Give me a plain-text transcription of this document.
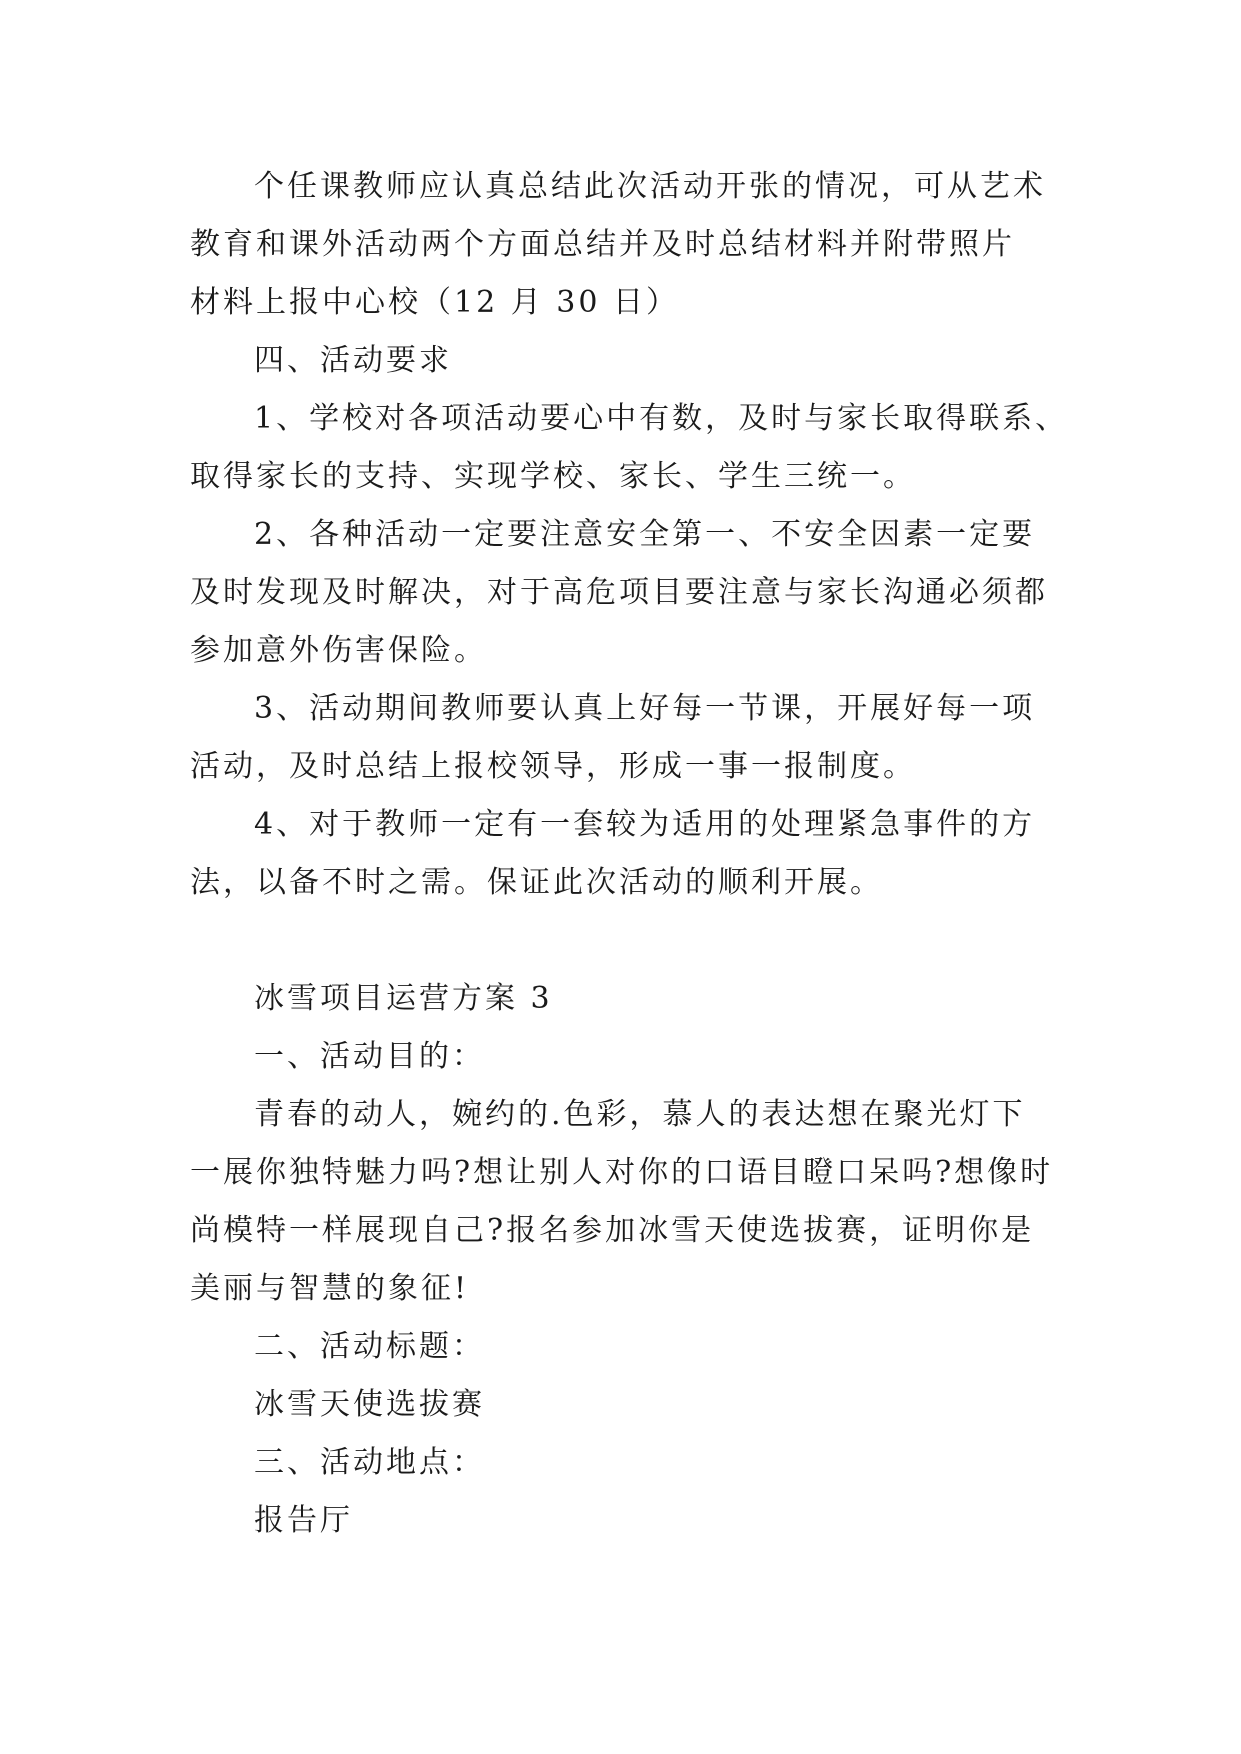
个任课教师应认真总结此次活动开张的情况，可从艺术

教育和课外活动两个方面总结并及时总结材料并附带照片

材料上报中心校（12 月 30 日）

四、活动要求

1、学校对各项活动要心中有数，及时与家长取得联系、

取得家长的支持、实现学校、家长、学生三统一。

2、各种活动一定要注意安全第一、不安全因素一定要

及时发现及时解决，对于高危项目要注意与家长沟通必须都

参加意外伤害保险。

3、活动期间教师要认真上好每一节课，开展好每一项

活动，及时总结上报校领导，形成一事一报制度。

4、对于教师一定有一套较为适用的处理紧急事件的方

法，以备不时之需。保证此次活动的顺利开展。

冰雪项目运营方案 3

一、活动目的：

青春的动人，婉约的.色彩，慕人的表达想在聚光灯下

一展你独特魅力吗?想让别人对你的口语目瞪口呆吗?想像时

尚模特一样展现自己?报名参加冰雪天使选拔赛，证明你是

美丽与智慧的象征!

二、活动标题：

冰雪天使选拔赛

三、活动地点：

报告厅
